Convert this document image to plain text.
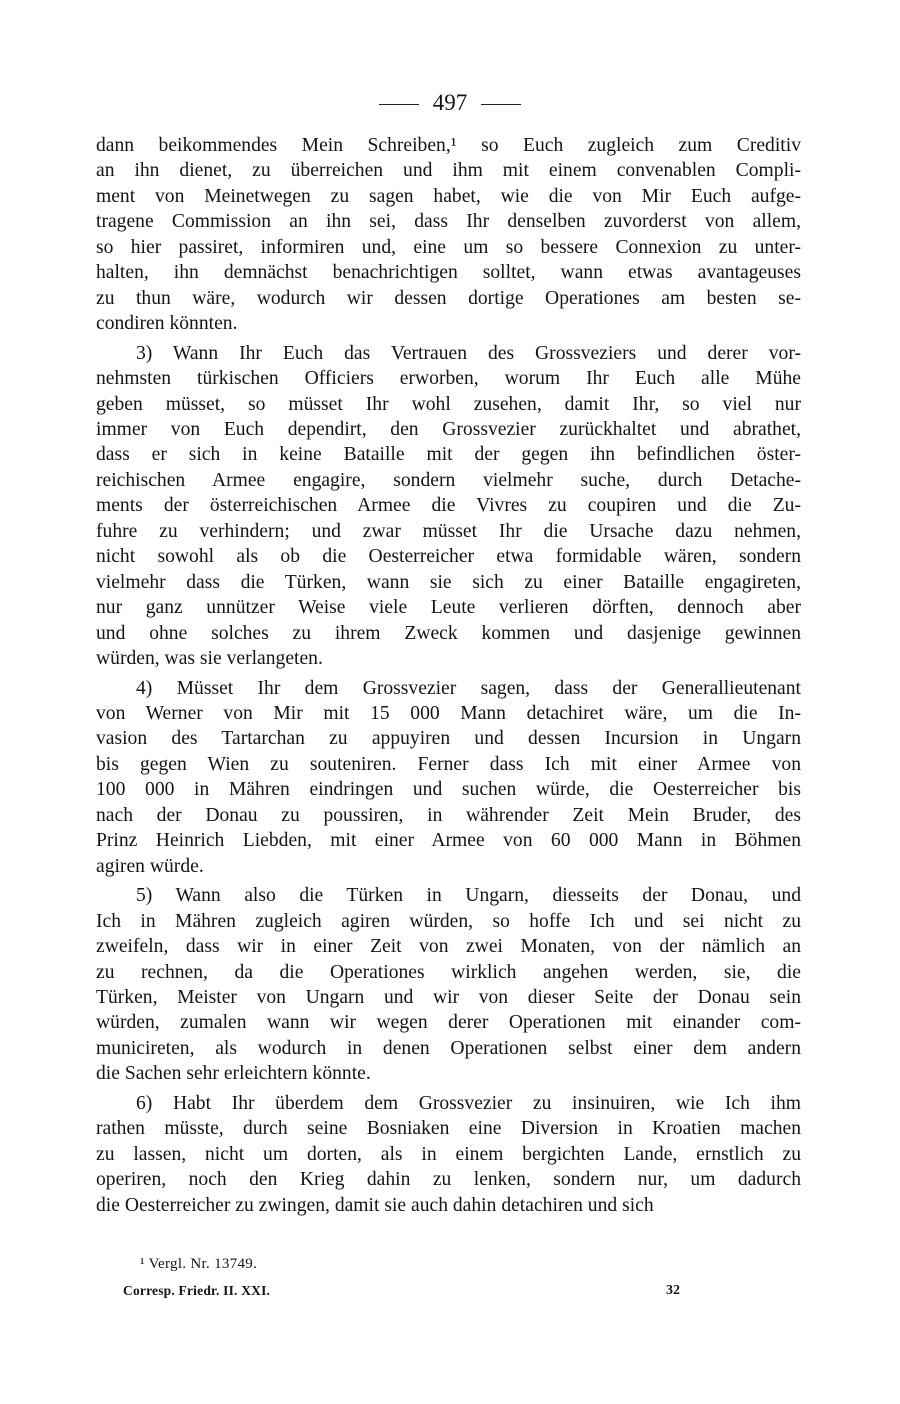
497
dann beikommendes Mein Schreiben,¹ so Euch zugleich zum Creditiv
an ihn dienet, zu überreichen und ihm mit einem convenablen Compli-
ment von Meinetwegen zu sagen habet, wie die von Mir Euch aufge-
tragene Commission an ihn sei, dass Ihr denselben zuvorderst von allem,
so hier passiret, informiren und, eine um so bessere Connexion zu unter-
halten, ihn demnächst benachrichtigen solltet, wann etwas avantageuses
zu thun wäre, wodurch wir dessen dortige Operationes am besten se-
condiren könnten.
3) Wann Ihr Euch das Vertrauen des Grossveziers und derer vor-
nehmsten türkischen Officiers erworben, worum Ihr Euch alle Mühe
geben müsset, so müsset Ihr wohl zusehen, damit Ihr, so viel nur
immer von Euch dependirt, den Grossvezier zurückhaltet und abrathet,
dass er sich in keine Bataille mit der gegen ihn befindlichen öster-
reichischen Armee engagire, sondern vielmehr suche, durch Detache-
ments der österreichischen Armee die Vivres zu coupiren und die Zu-
fuhre zu verhindern; und zwar müsset Ihr die Ursache dazu nehmen,
nicht sowohl als ob die Oesterreicher etwa formidable wären, sondern
vielmehr dass die Türken, wann sie sich zu einer Bataille engagireten,
nur ganz unnützer Weise viele Leute verlieren dörften, dennoch aber
und ohne solches zu ihrem Zweck kommen und dasjenige gewinnen
würden, was sie verlangeten.
4) Müsset Ihr dem Grossvezier sagen, dass der Generallieutenant
von Werner von Mir mit 15 000 Mann detachiret wäre, um die In-
vasion des Tartarchan zu appuyiren und dessen Incursion in Ungarn
bis gegen Wien zu souteniren. Ferner dass Ich mit einer Armee von
100 000 in Mähren eindringen und suchen würde, die Oesterreicher bis
nach der Donau zu poussiren, in währender Zeit Mein Bruder, des
Prinz Heinrich Liebden, mit einer Armee von 60 000 Mann in Böhmen
agiren würde.
5) Wann also die Türken in Ungarn, diesseits der Donau, und
Ich in Mähren zugleich agiren würden, so hoffe Ich und sei nicht zu
zweifeln, dass wir in einer Zeit von zwei Monaten, von der nämlich an
zu rechnen, da die Operationes wirklich angehen werden, sie, die
Türken, Meister von Ungarn und wir von dieser Seite der Donau sein
würden, zumalen wann wir wegen derer Operationen mit einander com-
municireten, als wodurch in denen Operationen selbst einer dem andern
die Sachen sehr erleichtern könnte.
6) Habt Ihr überdem dem Grossvezier zu insinuiren, wie Ich ihm
rathen müsste, durch seine Bosniaken eine Diversion in Kroatien machen
zu lassen, nicht um dorten, als in einem bergichten Lande, ernstlich zu
operiren, noch den Krieg dahin zu lenken, sondern nur, um dadurch
die Oesterreicher zu zwingen, damit sie auch dahin detachiren und sich
¹ Vergl. Nr. 13749.
Corresp. Friedr. II. XXI.	32
